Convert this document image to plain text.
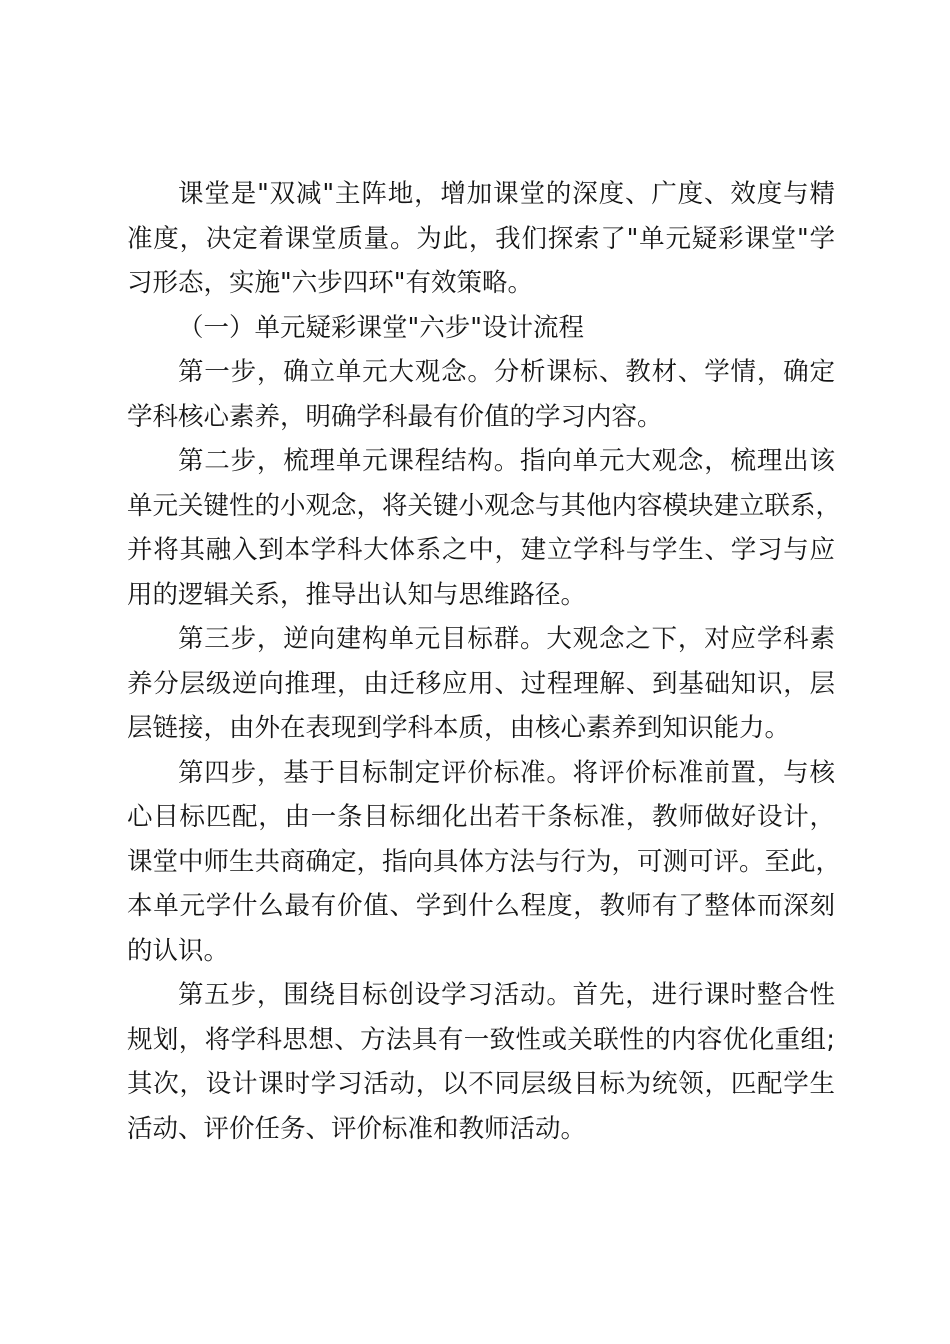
课堂是"双减"主阵地，增加课堂的深度、广度、效度与精
准度，决定着课堂质量。为此，我们探索了"单元疑彩课堂"学
习形态，实施"六步四环"有效策略。
（一）单元疑彩课堂"六步"设计流程
第一步，确立单元大观念。分析课标、教材、学情，确定
学科核心素养，明确学科最有价值的学习内容。
第二步，梳理单元课程结构。指向单元大观念，梳理出该
单元关键性的小观念，将关键小观念与其他内容模块建立联系，
并将其融入到本学科大体系之中，建立学科与学生、学习与应
用的逻辑关系，推导出认知与思维路径。
第三步，逆向建构单元目标群。大观念之下，对应学科素
养分层级逆向推理，由迁移应用、过程理解、到基础知识，层
层链接，由外在表现到学科本质，由核心素养到知识能力。
第四步，基于目标制定评价标准。将评价标准前置，与核
心目标匹配，由一条目标细化出若干条标准，教师做好设计，
课堂中师生共商确定，指向具体方法与行为，可测可评。至此，
本单元学什么最有价值、学到什么程度，教师有了整体而深刻
的认识。
第五步，围绕目标创设学习活动。首先，进行课时整合性
规划，将学科思想、方法具有一致性或关联性的内容优化重组;
其次，设计课时学习活动，以不同层级目标为统领，匹配学生
活动、评价任务、评价标准和教师活动。
